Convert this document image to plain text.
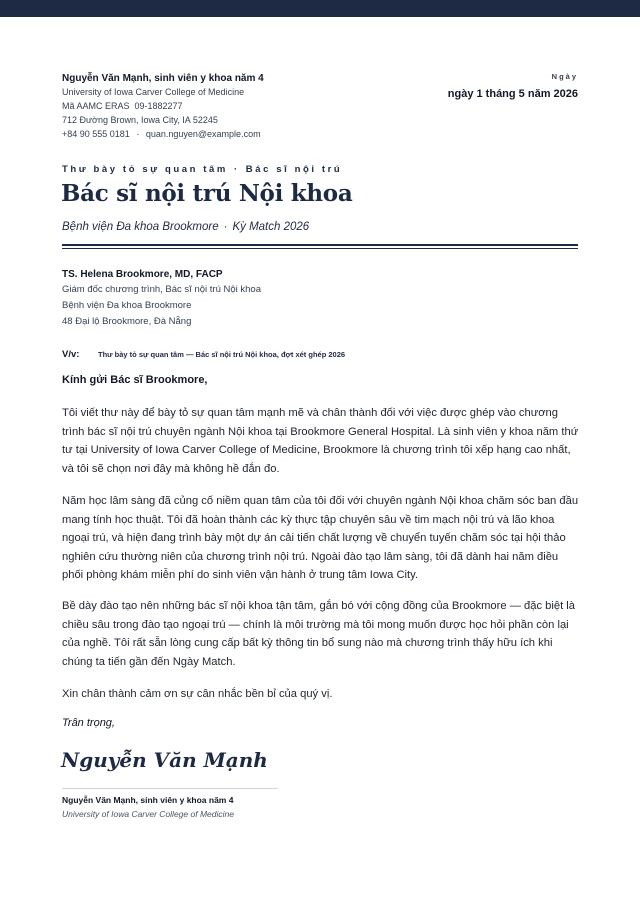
Nguyễn Văn Mạnh, sinh viên y khoa năm 4
University of Iowa Carver College of Medicine
Mã AAMC ERAS  09-1882277
712 Đường Brown, Iowa City, IA 52245
+84 90 555 0181 · quan.nguyen@example.com
Ngày
ngày 1 tháng 5 năm 2026
Thư bày tỏ sự quan tâm · Bác sĩ nội trú
Bác sĩ nội trú Nội khoa
Bệnh viện Đa khoa Brookmore · Kỳ Match 2026
TS. Helena Brookmore, MD, FACP
Giám đốc chương trình, Bác sĩ nội trú Nội khoa
Bệnh viện Đa khoa Brookmore
48 Đại lộ Brookmore, Đà Nẵng
V/v: Thư bày tỏ sự quan tâm — Bác sĩ nội trú Nội khoa, đợt xét ghép 2026
Kính gửi Bác sĩ Brookmore,
Tôi viết thư này để bày tỏ sự quan tâm mạnh mẽ và chân thành đối với việc được ghép vào chương trình bác sĩ nội trú chuyên ngành Nội khoa tại Brookmore General Hospital. Là sinh viên y khoa năm thứ tư tại University of Iowa Carver College of Medicine, Brookmore là chương trình tôi xếp hạng cao nhất, và tôi sẽ chọn nơi đây mà không hề đắn đo.
Năm học lâm sàng đã củng cố niềm quan tâm của tôi đối với chuyên ngành Nội khoa chăm sóc ban đầu mang tính học thuật. Tôi đã hoàn thành các kỳ thực tập chuyên sâu về tim mạch nội trú và lão khoa ngoại trú, và hiện đang trình bày một dự án cải tiến chất lượng về chuyển tuyến chăm sóc tại hội thảo nghiên cứu thường niên của chương trình nội trú. Ngoài đào tạo lâm sàng, tôi đã dành hai năm điều phối phòng khám miễn phí do sinh viên vận hành ở trung tâm Iowa City.
Bề dày đào tạo nên những bác sĩ nội khoa tận tâm, gắn bó với cộng đồng của Brookmore — đặc biệt là chiều sâu trong đào tạo ngoại trú — chính là môi trường mà tôi mong muốn được học hỏi phần còn lại của nghề. Tôi rất sẵn lòng cung cấp bất kỳ thông tin bổ sung nào mà chương trình thấy hữu ích khi chúng ta tiến gần đến Ngày Match.
Xin chân thành cảm ơn sự cân nhắc bền bỉ của quý vị.
Trân trọng,
Nguyễn Văn Mạnh
Nguyễn Văn Mạnh, sinh viên y khoa năm 4
University of Iowa Carver College of Medicine
